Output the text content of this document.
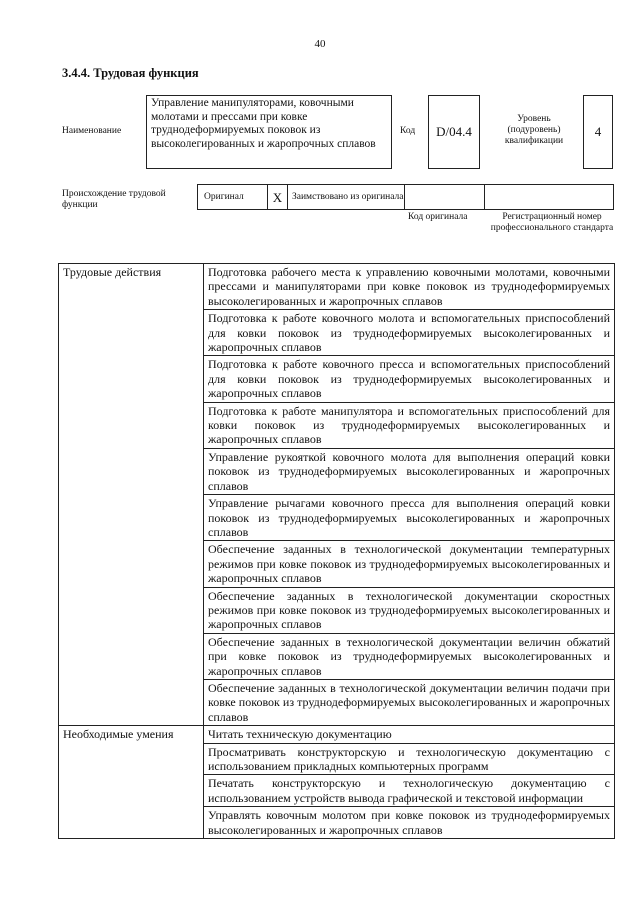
40
3.4.4. Трудовая функция
Наименование
Управление манипуляторами, ковочными молотами и прессами при ковке труднодеформируемых поковок из высоколегированных и жаропрочных сплавов
Код D/04.4
Уровень (подуровень) квалификации
4
Происхождение трудовой функции
Оригинал X Заимствовано из оригинала
Код оригинала	Регистрационный номер профессионального стандарта
Трудовые действия	Подготовка рабочего места к управлению ковочными молотами, ковочными прессами и манипуляторами при ковке поковок из труднодеформируемых высоколегированных и жаропрочных сплавов
	Подготовка к работе ковочного молота и вспомогательных приспособлений для ковки поковок из труднодеформируемых высоколегированных и жаропрочных сплавов
	Подготовка к работе ковочного пресса и вспомогательных приспособлений для ковки поковок из труднодеформируемых высоколегированных и жаропрочных сплавов
	Подготовка к работе манипулятора и вспомогательных приспособлений для ковки поковок из труднодеформируемых высоколегированных и жаропрочных сплавов
	Управление рукояткой ковочного молота для выполнения операций ковки поковок из труднодеформируемых высоколегированных и жаропрочных сплавов
	Управление рычагами ковочного пресса для выполнения операций ковки поковок из труднодеформируемых высоколегированных и жаропрочных сплавов
	Обеспечение заданных в технологической документации температурных режимов при ковке поковок из труднодеформируемых высоколегированных и жаропрочных сплавов
	Обеспечение заданных в технологической документации скоростных режимов при ковке поковок из труднодеформируемых высоколегированных и жаропрочных сплавов
	Обеспечение заданных в технологической документации величин обжатий при ковке поковок из труднодеформируемых высоколегированных и жаропрочных сплавов
	Обеспечение заданных в технологической документации величин подачи при ковке поковок из труднодеформируемых высоколегированных и жаропрочных сплавов
Необходимые умения	Читать техническую документацию
	Просматривать конструкторскую и технологическую документацию с использованием прикладных компьютерных программ
	Печатать конструкторскую и технологическую документацию с использованием устройств вывода графической и текстовой информации
	Управлять ковочным молотом при ковке поковок из труднодеформируемых высоколегированных и жаропрочных сплавов
